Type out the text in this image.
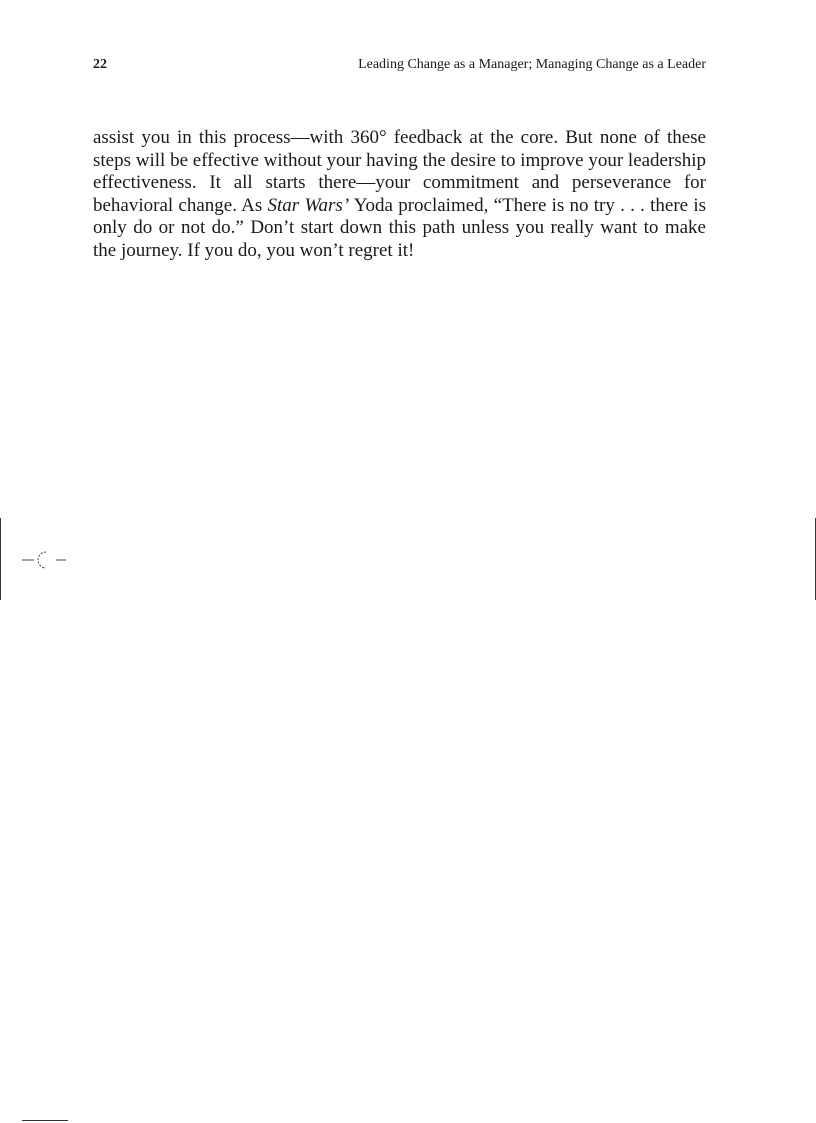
22	Leading Change as a Manager; Managing Change as a Leader

assist you in this process—with 360° feedback at the core. But none of these steps will be effective without your having the desire to improve your leadership effectiveness. It all starts there—your commitment and perseverance for behavioral change. As Star Wars’ Yoda proclaimed, “There is no try . . . there is only do or not do.” Don’t start down this path unless you really want to make the journey. If you do, you won’t regret it!
